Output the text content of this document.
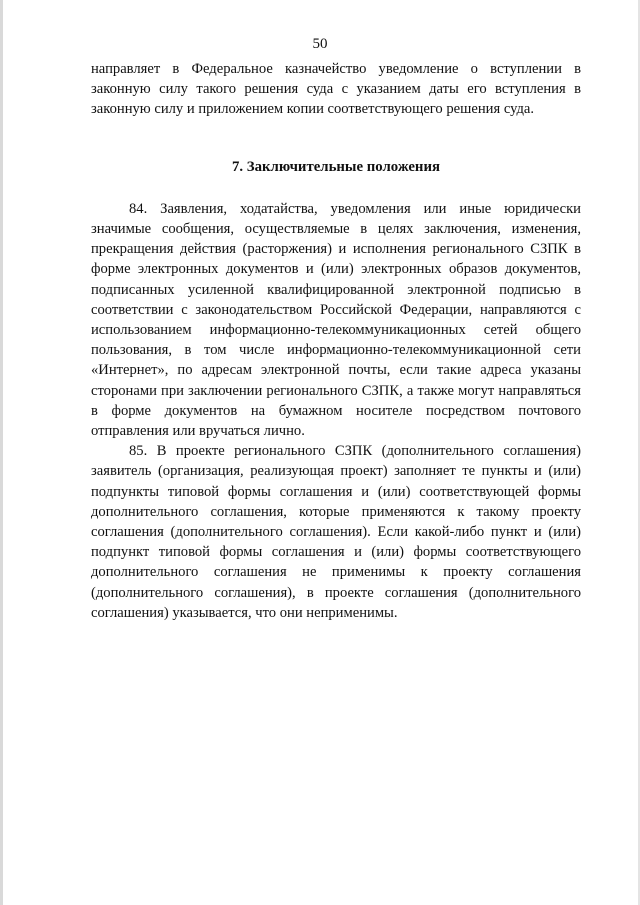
50

направляет в Федеральное казначейство уведомление о вступлении в законную силу такого решения суда с указанием даты его вступления в законную силу и приложением копии соответствующего решения суда.

7. Заключительные положения

84. Заявления, ходатайства, уведомления или иные юридически значимые сообщения, осуществляемые в целях заключения, изменения, прекращения действия (расторжения) и исполнения регионального СЗПК в форме электронных документов и (или) электронных образов документов, подписанных усиленной квалифицированной электронной подписью в соответствии с законодательством Российской Федерации, направляются с использованием информационно-телекоммуникационных сетей общего пользования, в том числе информационно-телекоммуникационной сети «Интернет», по адресам электронной почты, если такие адреса указаны сторонами при заключении регионального СЗПК, а также могут направляться в форме документов на бумажном носителе посредством почтового отправления или вручаться лично.

85. В проекте регионального СЗПК (дополнительного соглашения) заявитель (организация, реализующая проект) заполняет те пункты и (или) подпункты типовой формы соглашения и (или) соответствующей формы дополнительного соглашения, которые применяются к такому проекту соглашения (дополнительного соглашения). Если какой-либо пункт и (или) подпункт типовой формы соглашения и (или) формы соответствующего дополнительного соглашения не применимы к проекту соглашения (дополнительного соглашения), в проекте соглашения (дополнительного соглашения) указывается, что они неприменимы.
